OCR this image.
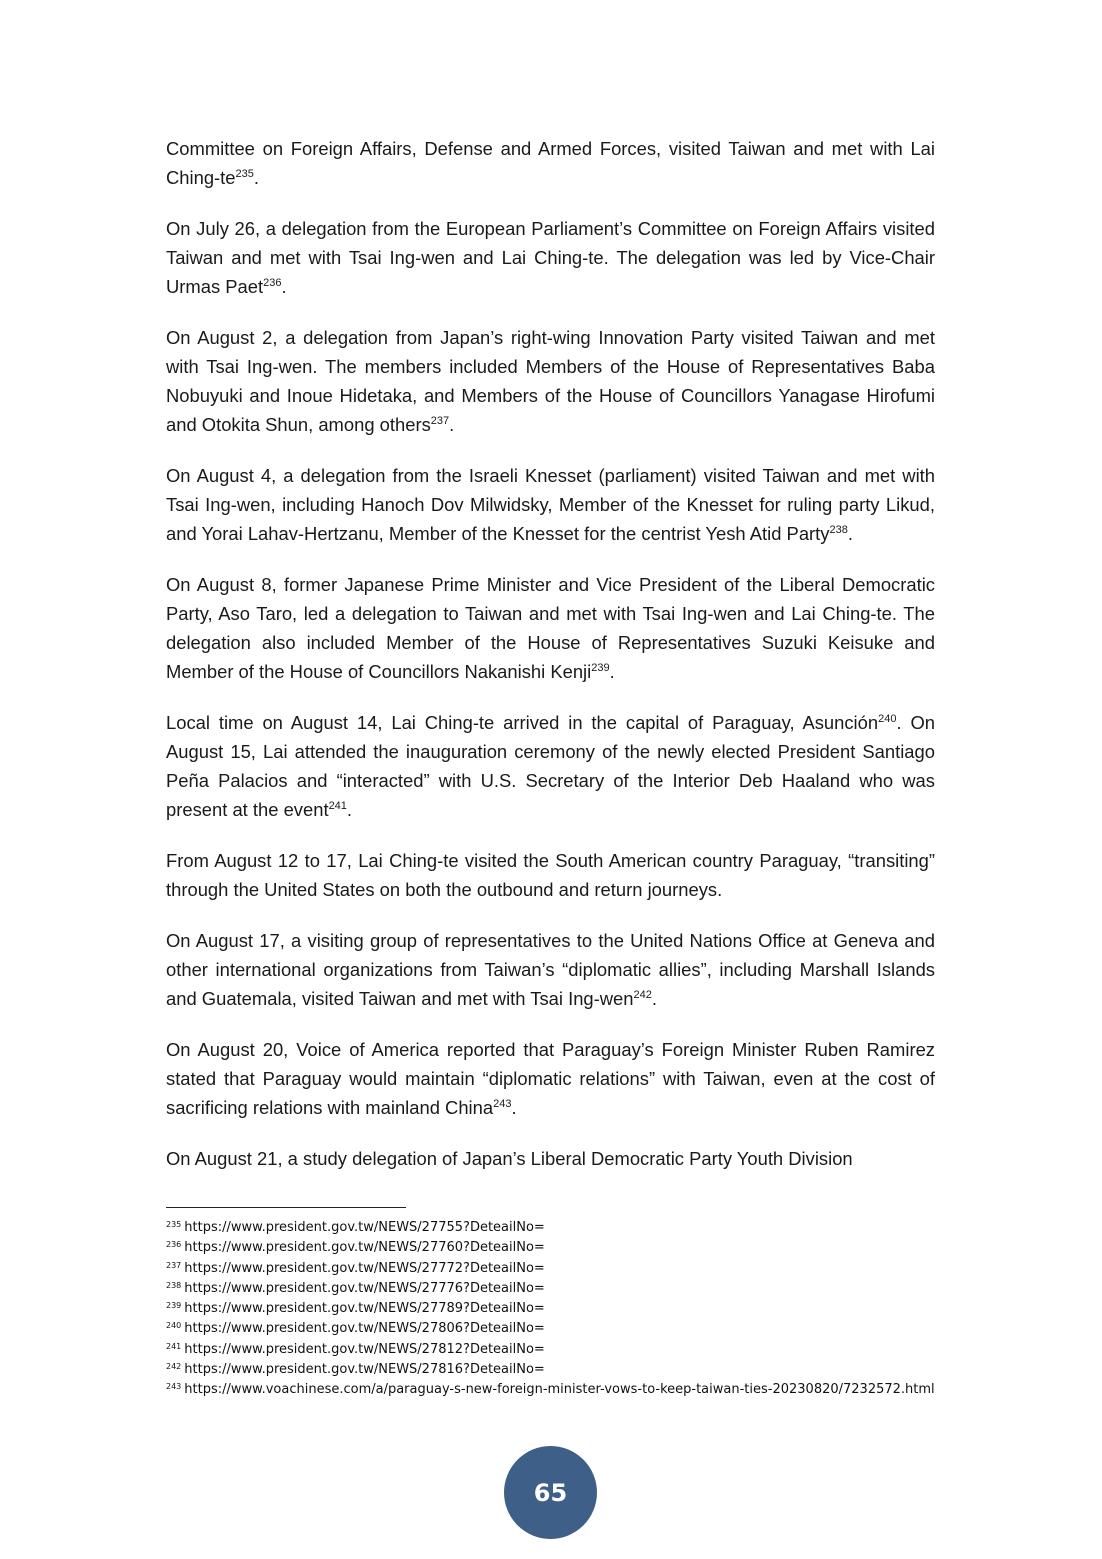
Committee on Foreign Affairs, Defense and Armed Forces, visited Taiwan and met with Lai Ching-$te^{235}$.

On July 26, a delegation from the European Parliament’s Committee on Foreign Affairs visited Taiwan and met with Tsai Ing-wen and Lai Ching-te. The delegation was led by Vice-Chair Urmas Paet$^{236}$.

On August 2, a delegation from Japan’s right-wing Innovation Party visited Taiwan and met with Tsai Ing-wen. The members included Members of the House of Representatives Baba Nobuyuki and Inoue Hidetaka, and Members of the House of Councillors Yanagase Hirofumi and Otokita Shun, among others$^{237}$.

On August 4, a delegation from the Israeli Knesset (parliament) visited Taiwan and met with Tsai Ing-wen, including Hanoch Dov Milwidsky, Member of the Knesset for ruling party Likud, and Yorai Lahav-Hertzanu, Member of the Knesset for the centrist Yesh Atid Party$^{238}$.

On August 8, former Japanese Prime Minister and Vice President of the Liberal Democratic Party, Aso Taro, led a delegation to Taiwan and met with Tsai Ing-wen and Lai Ching-te. The delegation also included Member of the House of Representatives Suzuki Keisuke and Member of the House of Councillors Nakanishi Kenji$^{239}$.

Local time on August 14, Lai Ching-te arrived in the capital of Paraguay, Asunción$^{240}$. On August 15, Lai attended the inauguration ceremony of the newly elected President Santiago Peña Palacios and “interacted” with U.S. Secretary of the Interior Deb Haaland who was present at the event$^{241}$.

From August 12 to 17, Lai Ching-te visited the South American country Paraguay, “transiting” through the United States on both the outbound and return journeys.

On August 17, a visiting group of representatives to the United Nations Office at Geneva and other international organizations from Taiwan’s “diplomatic allies”, including Marshall Islands and Guatemala, visited Taiwan and met with Tsai Ing-wen$^{242}$.

On August 20, Voice of America reported that Paraguay’s Foreign Minister Ruben Ramirez stated that Paraguay would maintain “diplomatic relations” with Taiwan, even at the cost of sacrificing relations with mainland China$^{243}$.

On August 21, a study delegation of Japan’s Liberal Democratic Party Youth Division

$^{235}$ https://www.president.gov.tw/NEWS/27755?DeteailNo=

$^{236}$ https://www.president.gov.tw/NEWS/27760?DeteailNo=

$^{237}$ https://www.president.gov.tw/NEWS/27772?DeteailNo=

$^{238}$ https://www.president.gov.tw/NEWS/27776?DeteailNo=

$^{239}$ https://www.president.gov.tw/NEWS/27789?DeteailNo=

$^{240}$ https://www.president.gov.tw/NEWS/27806?DeteailNo=

$^{241}$ https://www.president.gov.tw/NEWS/27812?DeteailNo=

$^{242}$ https://www.president.gov.tw/NEWS/27816?DeteailNo=

$^{243}$ https://www.voachinese.com/a/paraguay-s-new-foreign-minister-vows-to-keep-taiwan-ties-20230820/7232572.html

65
